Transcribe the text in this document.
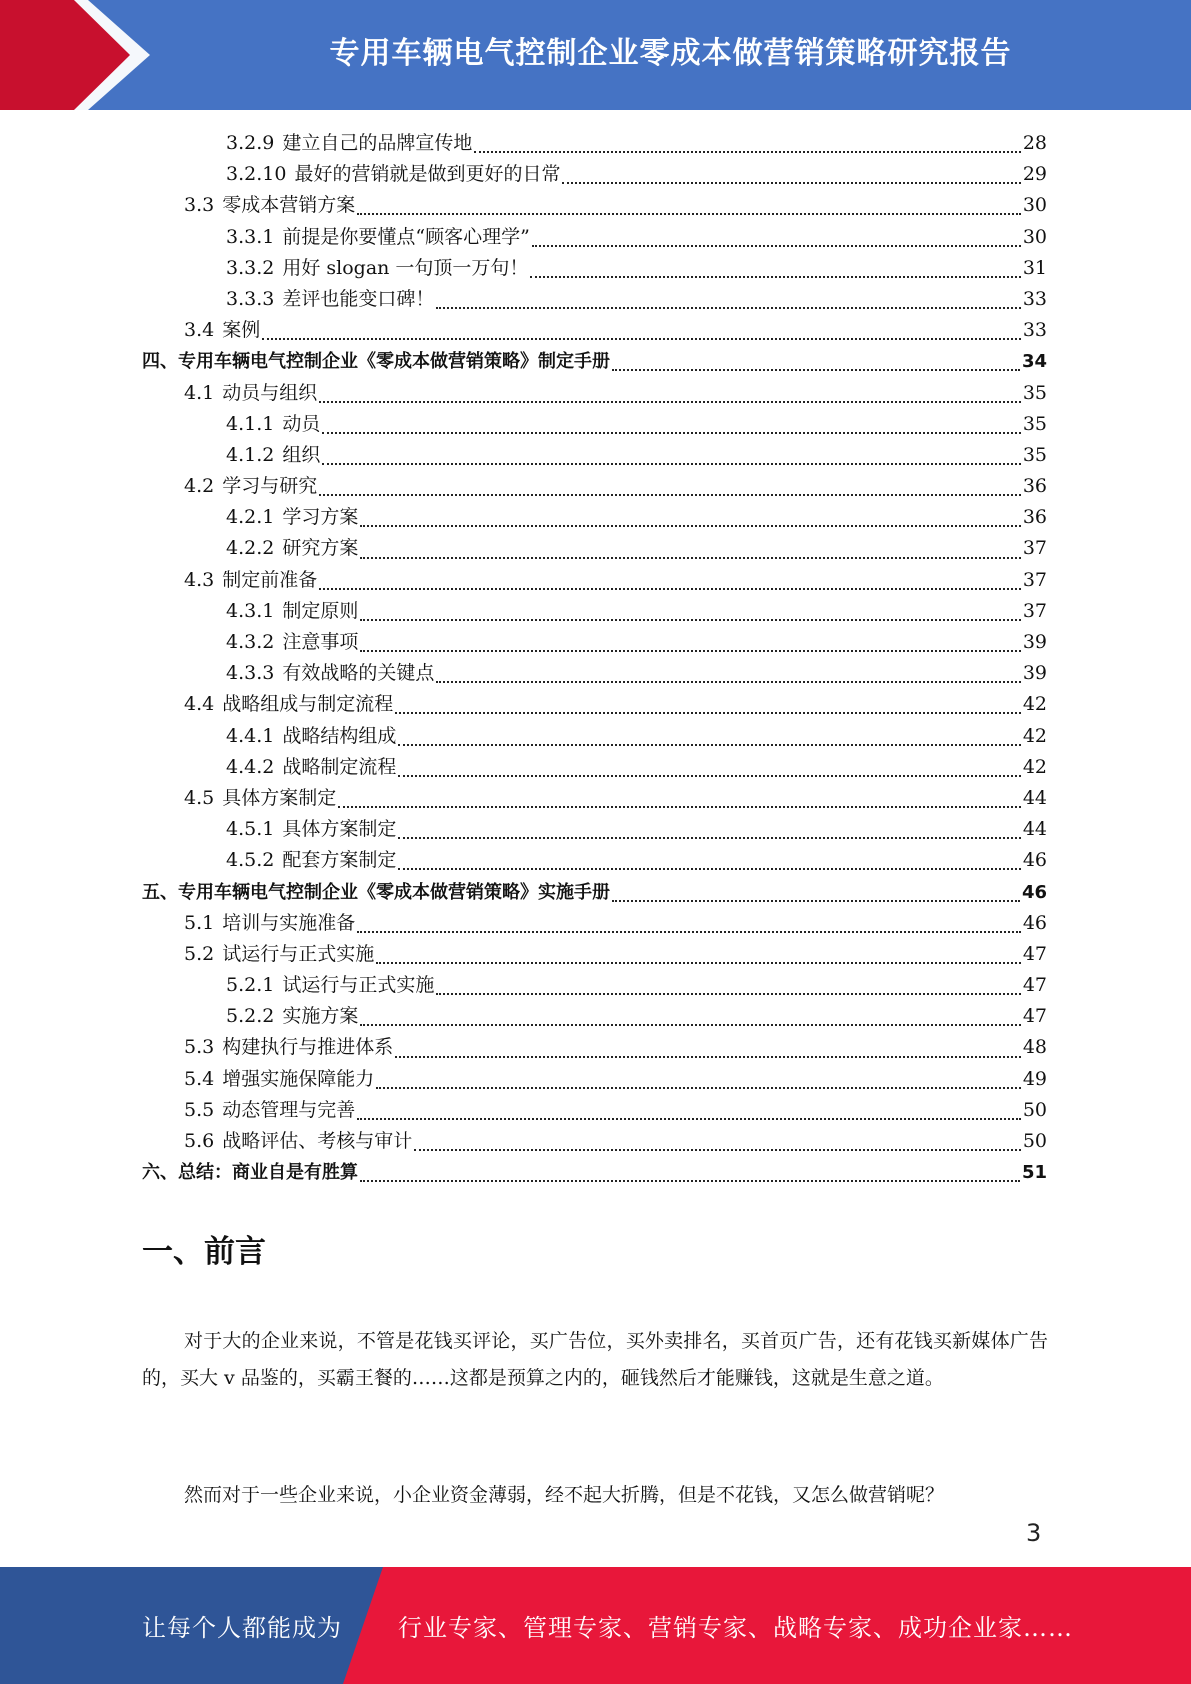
专用车辆电气控制企业零成本做营销策略研究报告
3.2.9 建立自己的品牌宣传地	28
3.2.10 最好的营销就是做到更好的日常	29
3.3 零成本营销方案	30
3.3.1 前提是你要懂点“顾客心理学”	30
3.3.2 用好 slogan 一句顶一万句！	31
3.3.3 差评也能变口碑！	33
3.4 案例	33
四、专用车辆电气控制企业《零成本做营销策略》制定手册	34
4.1 动员与组织	35
4.1.1 动员	35
4.1.2 组织	35
4.2 学习与研究	36
4.2.1 学习方案	36
4.2.2 研究方案	37
4.3 制定前准备	37
4.3.1 制定原则	37
4.3.2 注意事项	39
4.3.3 有效战略的关键点	39
4.4 战略组成与制定流程	42
4.4.1 战略结构组成	42
4.4.2 战略制定流程	42
4.5 具体方案制定	44
4.5.1 具体方案制定	44
4.5.2 配套方案制定	46
五、专用车辆电气控制企业《零成本做营销策略》实施手册	46
5.1 培训与实施准备	46
5.2 试运行与正式实施	47
5.2.1 试运行与正式实施	47
5.2.2 实施方案	47
5.3 构建执行与推进体系	48
5.4 增强实施保障能力	49
5.5 动态管理与完善	50
5.6 战略评估、考核与审计	50
六、总结：商业自是有胜算	51
一、前言

对于大的企业来说，不管是花钱买评论，买广告位，买外卖排名，买首页广告，还有花钱买新媒体广告的，买大 v 品鉴的，买霸王餐的……这都是预算之内的，砸钱然后才能赚钱，这就是生意之道。

然而对于一些企业来说，小企业资金薄弱，经不起大折腾，但是不花钱，又怎么做营销呢？

3
让每个人都能成为 行业专家、管理专家、营销专家、战略专家、成功企业家……
